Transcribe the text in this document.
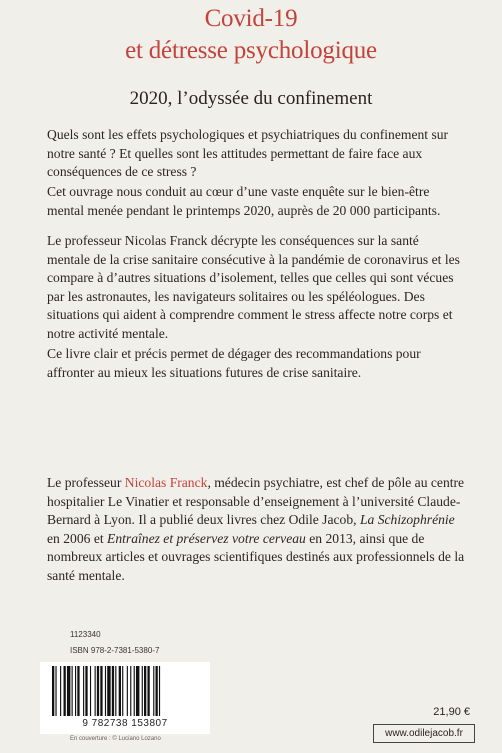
Covid-19
et détresse psychologique
2020, l’odyssée du confinement

Quels sont les effets psychologiques et psychiatriques du confinement sur notre santé ? Et quelles sont les attitudes permettant de faire face aux conséquences de ce stress ?

Cet ouvrage nous conduit au cœur d’une vaste enquête sur le bien-être mental menée pendant le printemps 2020, auprès de 20 000 participants.

Le professeur Nicolas Franck décrypte les conséquences sur la santé mentale de la crise sanitaire consécutive à la pandémie de coronavirus et les compare à d’autres situations d’isolement, telles que celles qui sont vécues par les astronautes, les navigateurs solitaires ou les spéléologues. Des situations qui aident à comprendre comment le stress affecte notre corps et notre activité mentale.

Ce livre clair et précis permet de dégager des recommandations pour affronter au mieux les situations futures de crise sanitaire.

Le professeur Nicolas Franck, médecin psychiatre, est chef de pôle au centre hospitalier Le Vinatier et responsable d’enseignement à l’université Claude-Bernard à Lyon. Il a publié deux livres chez Odile Jacob, La Schizophrénie en 2006 et Entraînez et préservez votre cerveau en 2013, ainsi que de nombreux articles et ouvrages scientifiques destinés aux professionnels de la santé mentale.

1123340
ISBN 978-2-7381-5380-7
9 782738 153807
En couverture : © Luciano Lozano
21,90 €
www.odilejacob.fr
